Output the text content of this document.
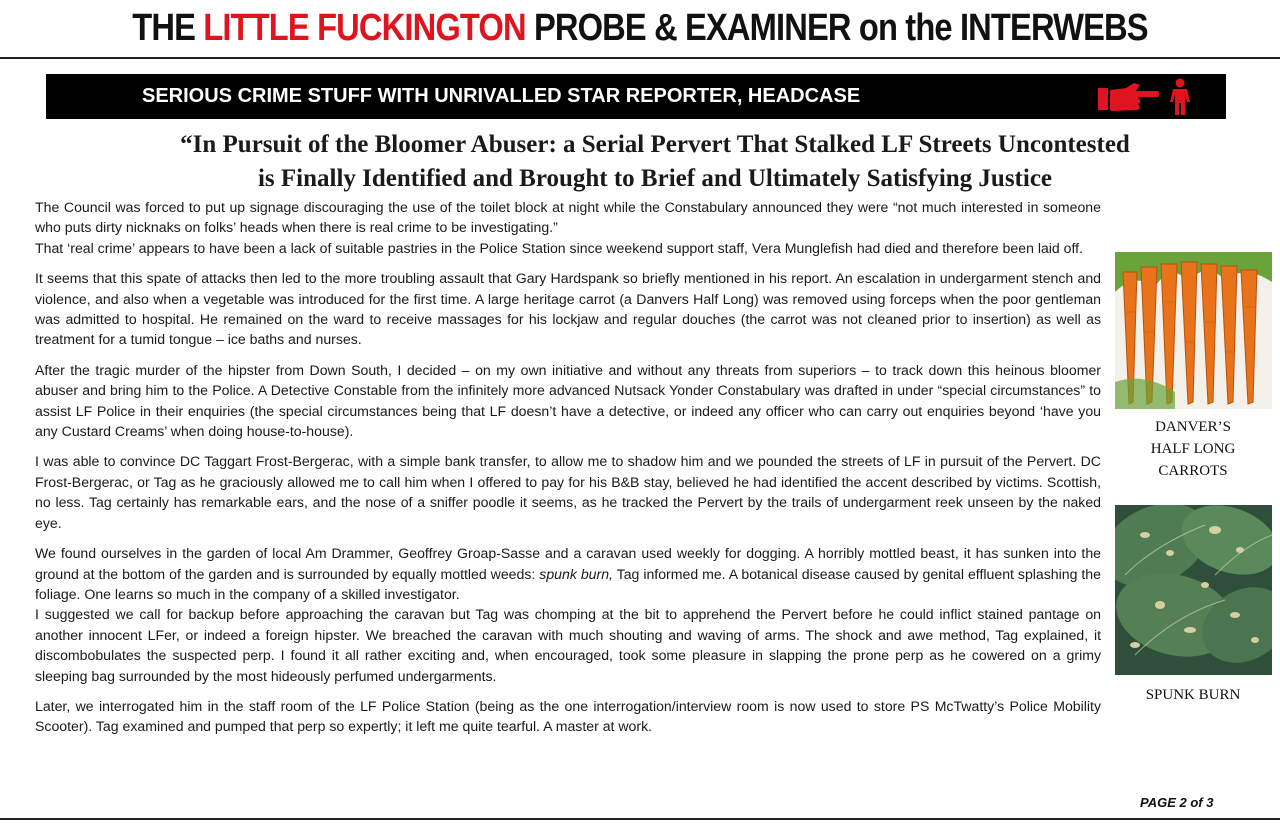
THE LITTLE FUCKINGTON PROBE & EXAMINER on the INTERWEBS
SERIOUS CRIME STUFF WITH UNRIVALLED STAR REPORTER, HEADCASE
“In Pursuit of the Bloomer Abuser: a Serial Pervert That Stalked LF Streets Uncontested
is Finally Identified and Brought to Brief and Ultimately Satisfying Justice

The Council was forced to put up signage discouraging the use of the toilet block at night while the Constabulary announced they were “not much interested in someone who puts dirty nicknaks on folks’ heads when there is real crime to be investigating.”

That ‘real crime’ appears to have been a lack of suitable pastries in the Police Station since weekend support staff, Vera Munglefish had died and therefore been laid off.

It seems that this spate of attacks then led to the more troubling assault that Gary Hardspank so briefly mentioned in his report. An escalation in undergarment stench and violence, and also when a vegetable was introduced for the first time. A large heritage carrot (a Danvers Half Long) was removed using forceps when the poor gentleman was admitted to hospital. He remained on the ward to receive massages for his lockjaw and regular douches (the carrot was not cleaned prior to insertion) as well as treatment for a tumid tongue – ice baths and nurses.

After the tragic murder of the hipster from Down South, I decided – on my own initiative and without any threats from superiors – to track down this heinous bloomer abuser and bring him to the Police. A Detective Constable from the infinitely more advanced Nutsack Yonder Constabulary was drafted in under “special circumstances” to assist LF Police in their enquiries (the special circumstances being that LF doesn’t have a detective, or indeed any officer who can carry out enquiries beyond ‘have you any Custard Creams’ when doing house-to-house).

I was able to convince DC Taggart Frost-Bergerac, with a simple bank transfer, to allow me to shadow him and we pounded the streets of LF in pursuit of the Pervert. DC Frost-Bergerac, or Tag as he graciously allowed me to call him when I offered to pay for his B&B stay, believed he had identified the accent described by victims. Scottish, no less. Tag certainly has remarkable ears, and the nose of a sniffer poodle it seems, as he tracked the Pervert by the trails of undergarment reek unseen by the naked eye.

We found ourselves in the garden of local Am Drammer, Geoffrey Groap-Sasse and a caravan used weekly for dogging. A horribly mottled beast, it has sunken into the ground at the bottom of the garden and is surrounded by equally mottled weeds: spunk burn, Tag informed me. A botanical disease caused by genital effluent splashing the foliage. One learns so much in the company of a skilled investigator.

I suggested we call for backup before approaching the caravan but Tag was chomping at the bit to apprehend the Pervert before he could inflict stained pantage on another innocent LFer, or indeed a foreign hipster. We breached the caravan with much shouting and waving of arms. The shock and awe method, Tag explained, it discombobulates the suspected perp. I found it all rather exciting and, when encouraged, took some pleasure in slapping the prone perp as he cowered on a grimy sleeping bag surrounded by the most hideously perfumed undergarments.

Later, we interrogated him in the staff room of the LF Police Station (being as the one interrogation/interview room is now used to store PS McTwatty’s Police Mobility Scooter). Tag examined and pumped that perp so expertly; it left me quite tearful. A master at work.

DANVER’S
HALF LONG
CARROTS
SPUNK BURN
PAGE 2 of 3
